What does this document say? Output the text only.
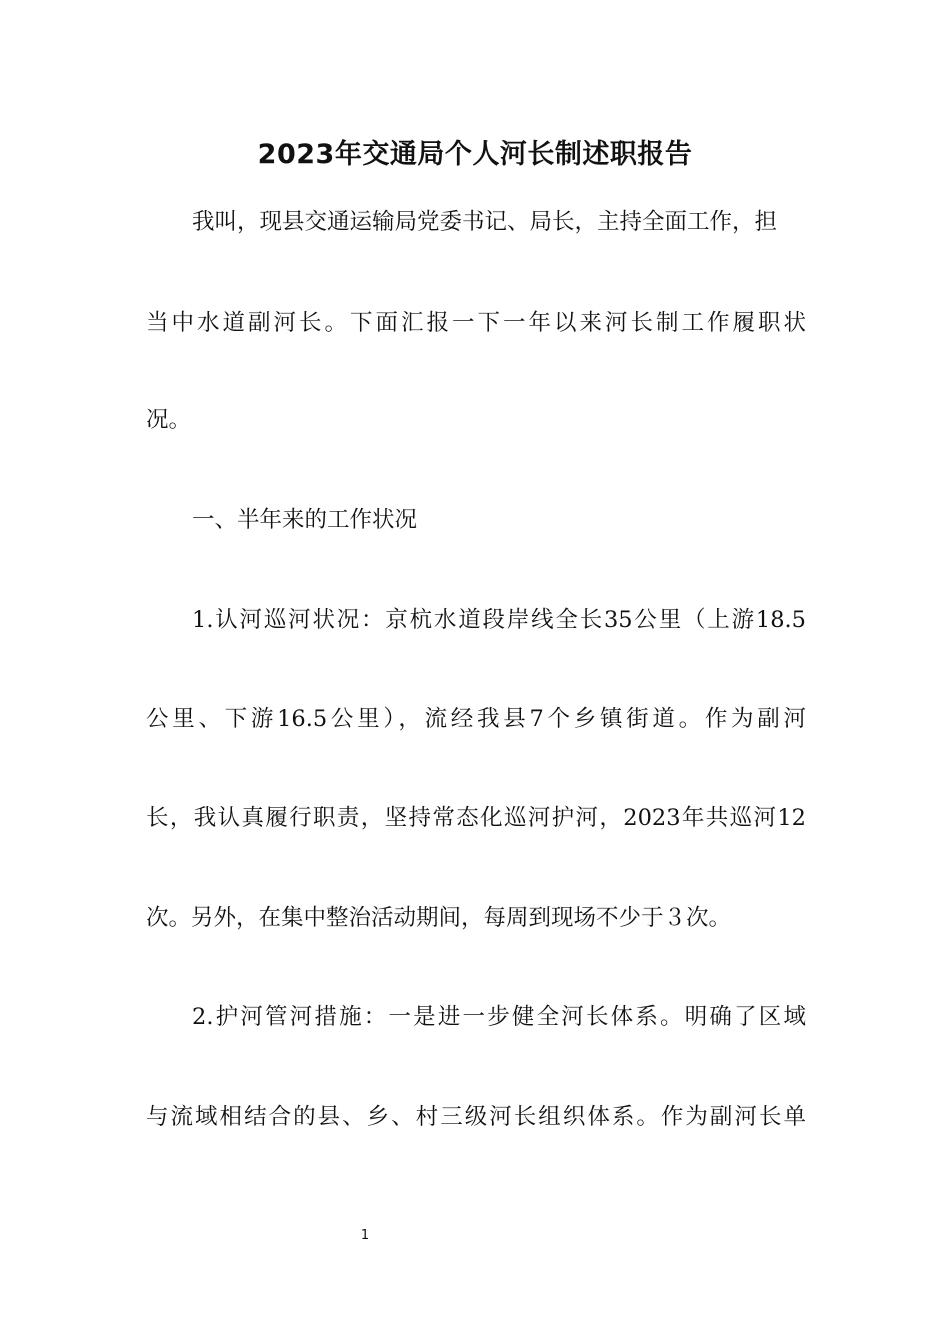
2023年交通局个人河长制述职报告
我叫，现县交通运输局党委书记、局长，主持全面工作，担
当中水道副河长。下面汇报一下一年以来河长制工作履职状
况。
一、半年来的工作状况
1.认河巡河状况：京杭水道段岸线全长35公里（上游18.5
公里、下游16.5公里），流经我县7个乡镇街道。作为副河
长，我认真履行职责，坚持常态化巡河护河，2023年共巡河12
次。另外，在集中整治活动期间，每周到现场不少于３次。
2.护河管河措施：一是进一步健全河长体系。明确了区域
与流域相结合的县、乡、村三级河长组织体系。作为副河长单
1
